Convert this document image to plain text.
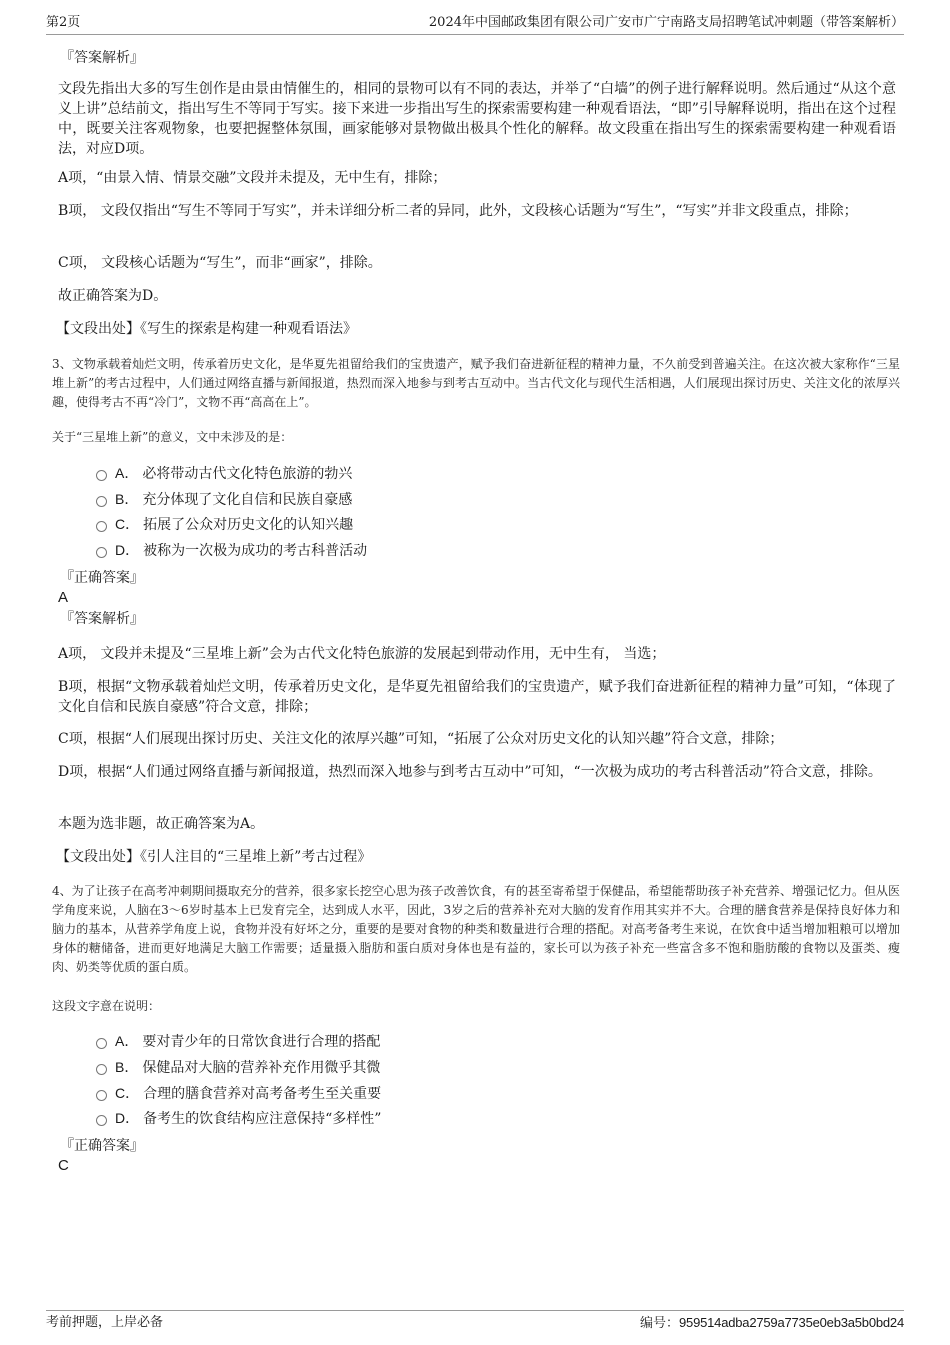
第2页	2024年中国邮政集团有限公司广安市广宁南路支局招聘笔试冲刺题（带答案解析）
『答案解析』
文段先指出大多的写生创作是由景由情催生的，相同的景物可以有不同的表达，并举了“白墙”的例子进行解释说明。然后通过“从这个意义上讲”总结前文，指出写生不等同于写实。接下来进一步指出写生的探索需要构建一种观看语法，“即”引导解释说明，指出在这个过程中，既要关注客观物象，也要把握整体氛围，画家能够对景物做出极具个性化的解释。故文段重在指出写生的探索需要构建一种观看语法，对应D项。
A项，“由景入情、情景交融”文段并未提及，无中生有，排除；
B项， 文段仅指出“写生不等同于写实”，并未详细分析二者的异同，此外，文段核心话题为“写生”，“写实”并非文段重点，排除；
C项， 文段核心话题为“写生”，而非“画家”，排除。
故正确答案为D。
【文段出处】《写生的探索是构建一种观看语法》
3、文物承载着灿烂文明，传承着历史文化，是华夏先祖留给我们的宝贵遗产，赋予我们奋进新征程的精神力量，不久前受到普遍关注。在这次被大家称作“三星堆上新”的考古过程中，人们通过网络直播与新闻报道，热烈而深入地参与到考古互动中。当古代文化与现代生活相遇，人们展现出探讨历史、关注文化的浓厚兴趣，使得考古不再“冷门”，文物不再“高高在上”。
关于“三星堆上新”的意义，文中未涉及的是：
A． 必将带动古代文化特色旅游的勃兴
B． 充分体现了文化自信和民族自豪感
C． 拓展了公众对历史文化的认知兴趣
D． 被称为一次极为成功的考古科普活动
『正确答案』
A
『答案解析』
A项， 文段并未提及“三星堆上新”会为古代文化特色旅游的发展起到带动作用，无中生有， 当选；
B项，根据“文物承载着灿烂文明，传承着历史文化，是华夏先祖留给我们的宝贵遗产，赋予我们奋进新征程的精神力量”可知，“体现了文化自信和民族自豪感”符合文意，排除；
C项，根据“人们展现出探讨历史、关注文化的浓厚兴趣”可知，“拓展了公众对历史文化的认知兴趣”符合文意，排除；
D项，根据“人们通过网络直播与新闻报道，热烈而深入地参与到考古互动中”可知，“一次极为成功的考古科普活动”符合文意，排除。
本题为选非题，故正确答案为A。
【文段出处】《引人注目的“三星堆上新”考古过程》
4、为了让孩子在高考冲刺期间摄取充分的营养，很多家长挖空心思为孩子改善饮食，有的甚至寄希望于保健品，希望能帮助孩子补充营养、增强记忆力。但从医学角度来说，人脑在3～6岁时基本上已发育完全，达到成人水平，因此，3岁之后的营养补充对大脑的发育作用其实并不大。合理的膳食营养是保持良好体力和脑力的基本，从营养学角度上说，食物并没有好坏之分，重要的是要对食物的种类和数量进行合理的搭配。对高考备考生来说，在饮食中适当增加粗粮可以增加身体的糖储备，进而更好地满足大脑工作需要；适量摄入脂肪和蛋白质对身体也是有益的，家长可以为孩子补充一些富含多不饱和脂肪酸的食物以及蛋类、瘦肉、奶类等优质的蛋白质。
这段文字意在说明：
A． 要对青少年的日常饮食进行合理的搭配
B． 保健品对大脑的营养补充作用微乎其微
C． 合理的膳食营养对高考备考生至关重要
D． 备考生的饮食结构应注意保持“多样性”
『正确答案』
C
考前押题，上岸必备	编号：959514adba2759a7735e0eb3a5b0bd24
